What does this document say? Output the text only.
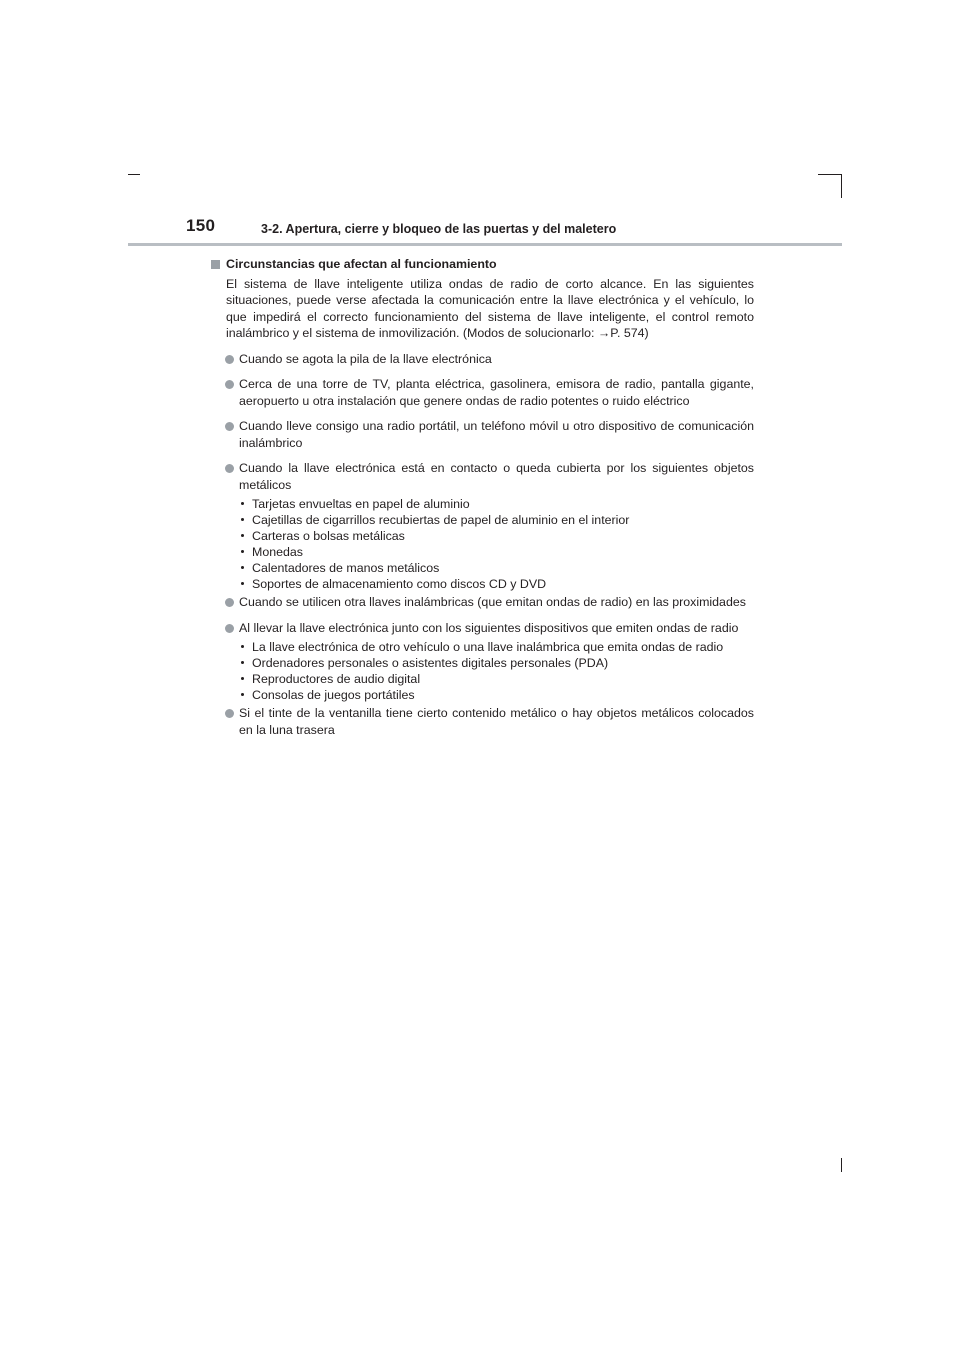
150	3-2. Apertura, cierre y bloqueo de las puertas y del maletero
Circunstancias que afectan al funcionamiento
El sistema de llave inteligente utiliza ondas de radio de corto alcance. En las siguientes situaciones, puede verse afectada la comunicación entre la llave electrónica y el vehículo, lo que impedirá el correcto funcionamiento del sistema de llave inteligente, el control remoto inalámbrico y el sistema de inmovilización. (Modos de solucionarlo: →P. 574)
Cuando se agota la pila de la llave electrónica
Cerca de una torre de TV, planta eléctrica, gasolinera, emisora de radio, pantalla gigante, aeropuerto u otra instalación que genere ondas de radio potentes o ruido eléctrico
Cuando lleve consigo una radio portátil, un teléfono móvil u otro dispositivo de comunicación inalámbrico
Cuando la llave electrónica está en contacto o queda cubierta por los siguientes objetos metálicos
Tarjetas envueltas en papel de aluminio
Cajetillas de cigarrillos recubiertas de papel de aluminio en el interior
Carteras o bolsas metálicas
Monedas
Calentadores de manos metálicos
Soportes de almacenamiento como discos CD y DVD
Cuando se utilicen otra llaves inalámbricas (que emitan ondas de radio) en las proximidades
Al llevar la llave electrónica junto con los siguientes dispositivos que emiten ondas de radio
La llave electrónica de otro vehículo o una llave inalámbrica que emita ondas de radio
Ordenadores personales o asistentes digitales personales (PDA)
Reproductores de audio digital
Consolas de juegos portátiles
Si el tinte de la ventanilla tiene cierto contenido metálico o hay objetos metálicos colocados en la luna trasera
